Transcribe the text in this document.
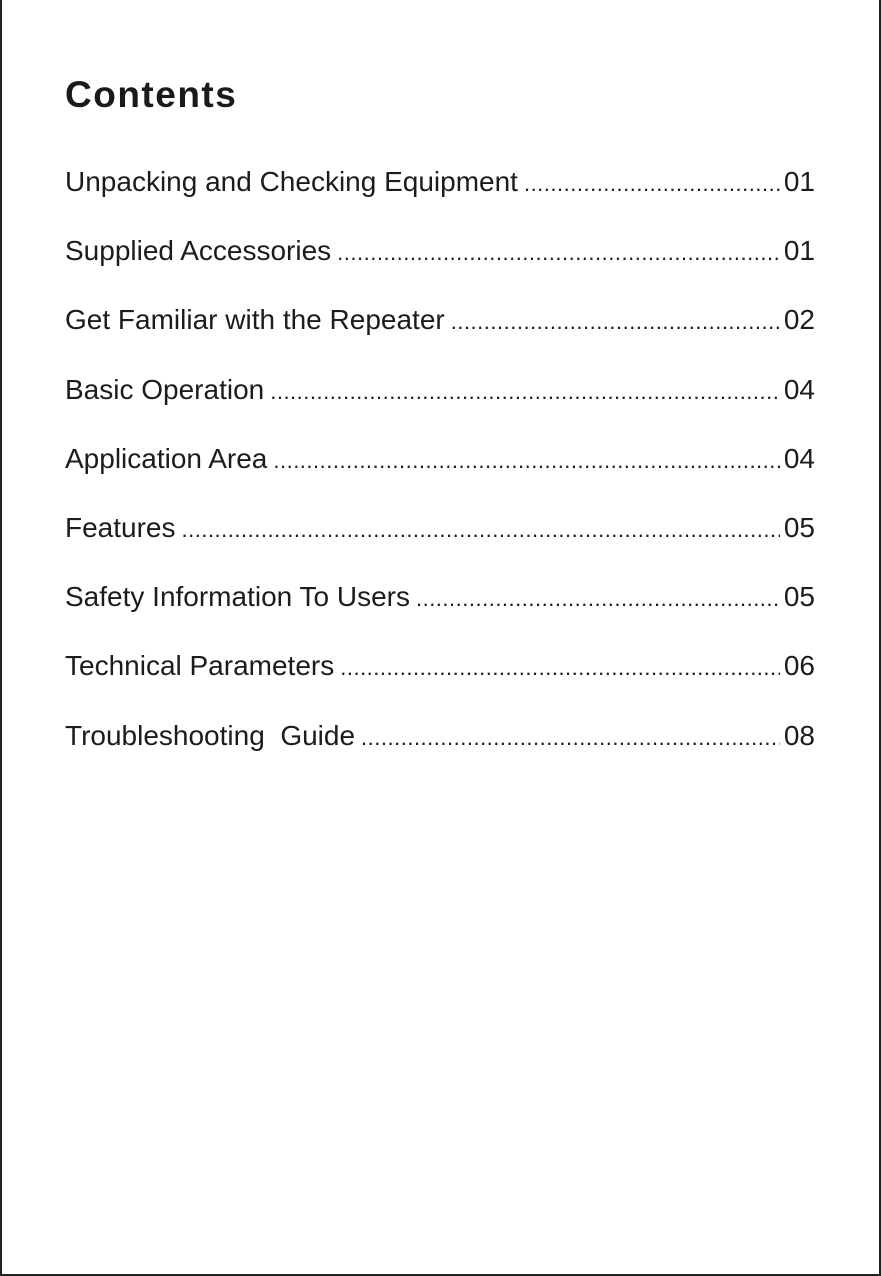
Contents
Unpacking and Checking Equipment .....	01
Supplied Accessories .....	01
Get Familiar with the Repeater .....	02
Basic Operation .....	04
Application Area .....	04
Features .....	05
Safety Information To Users .....	05
Technical Parameters .....	06
Troubleshooting  Guide .....	08
